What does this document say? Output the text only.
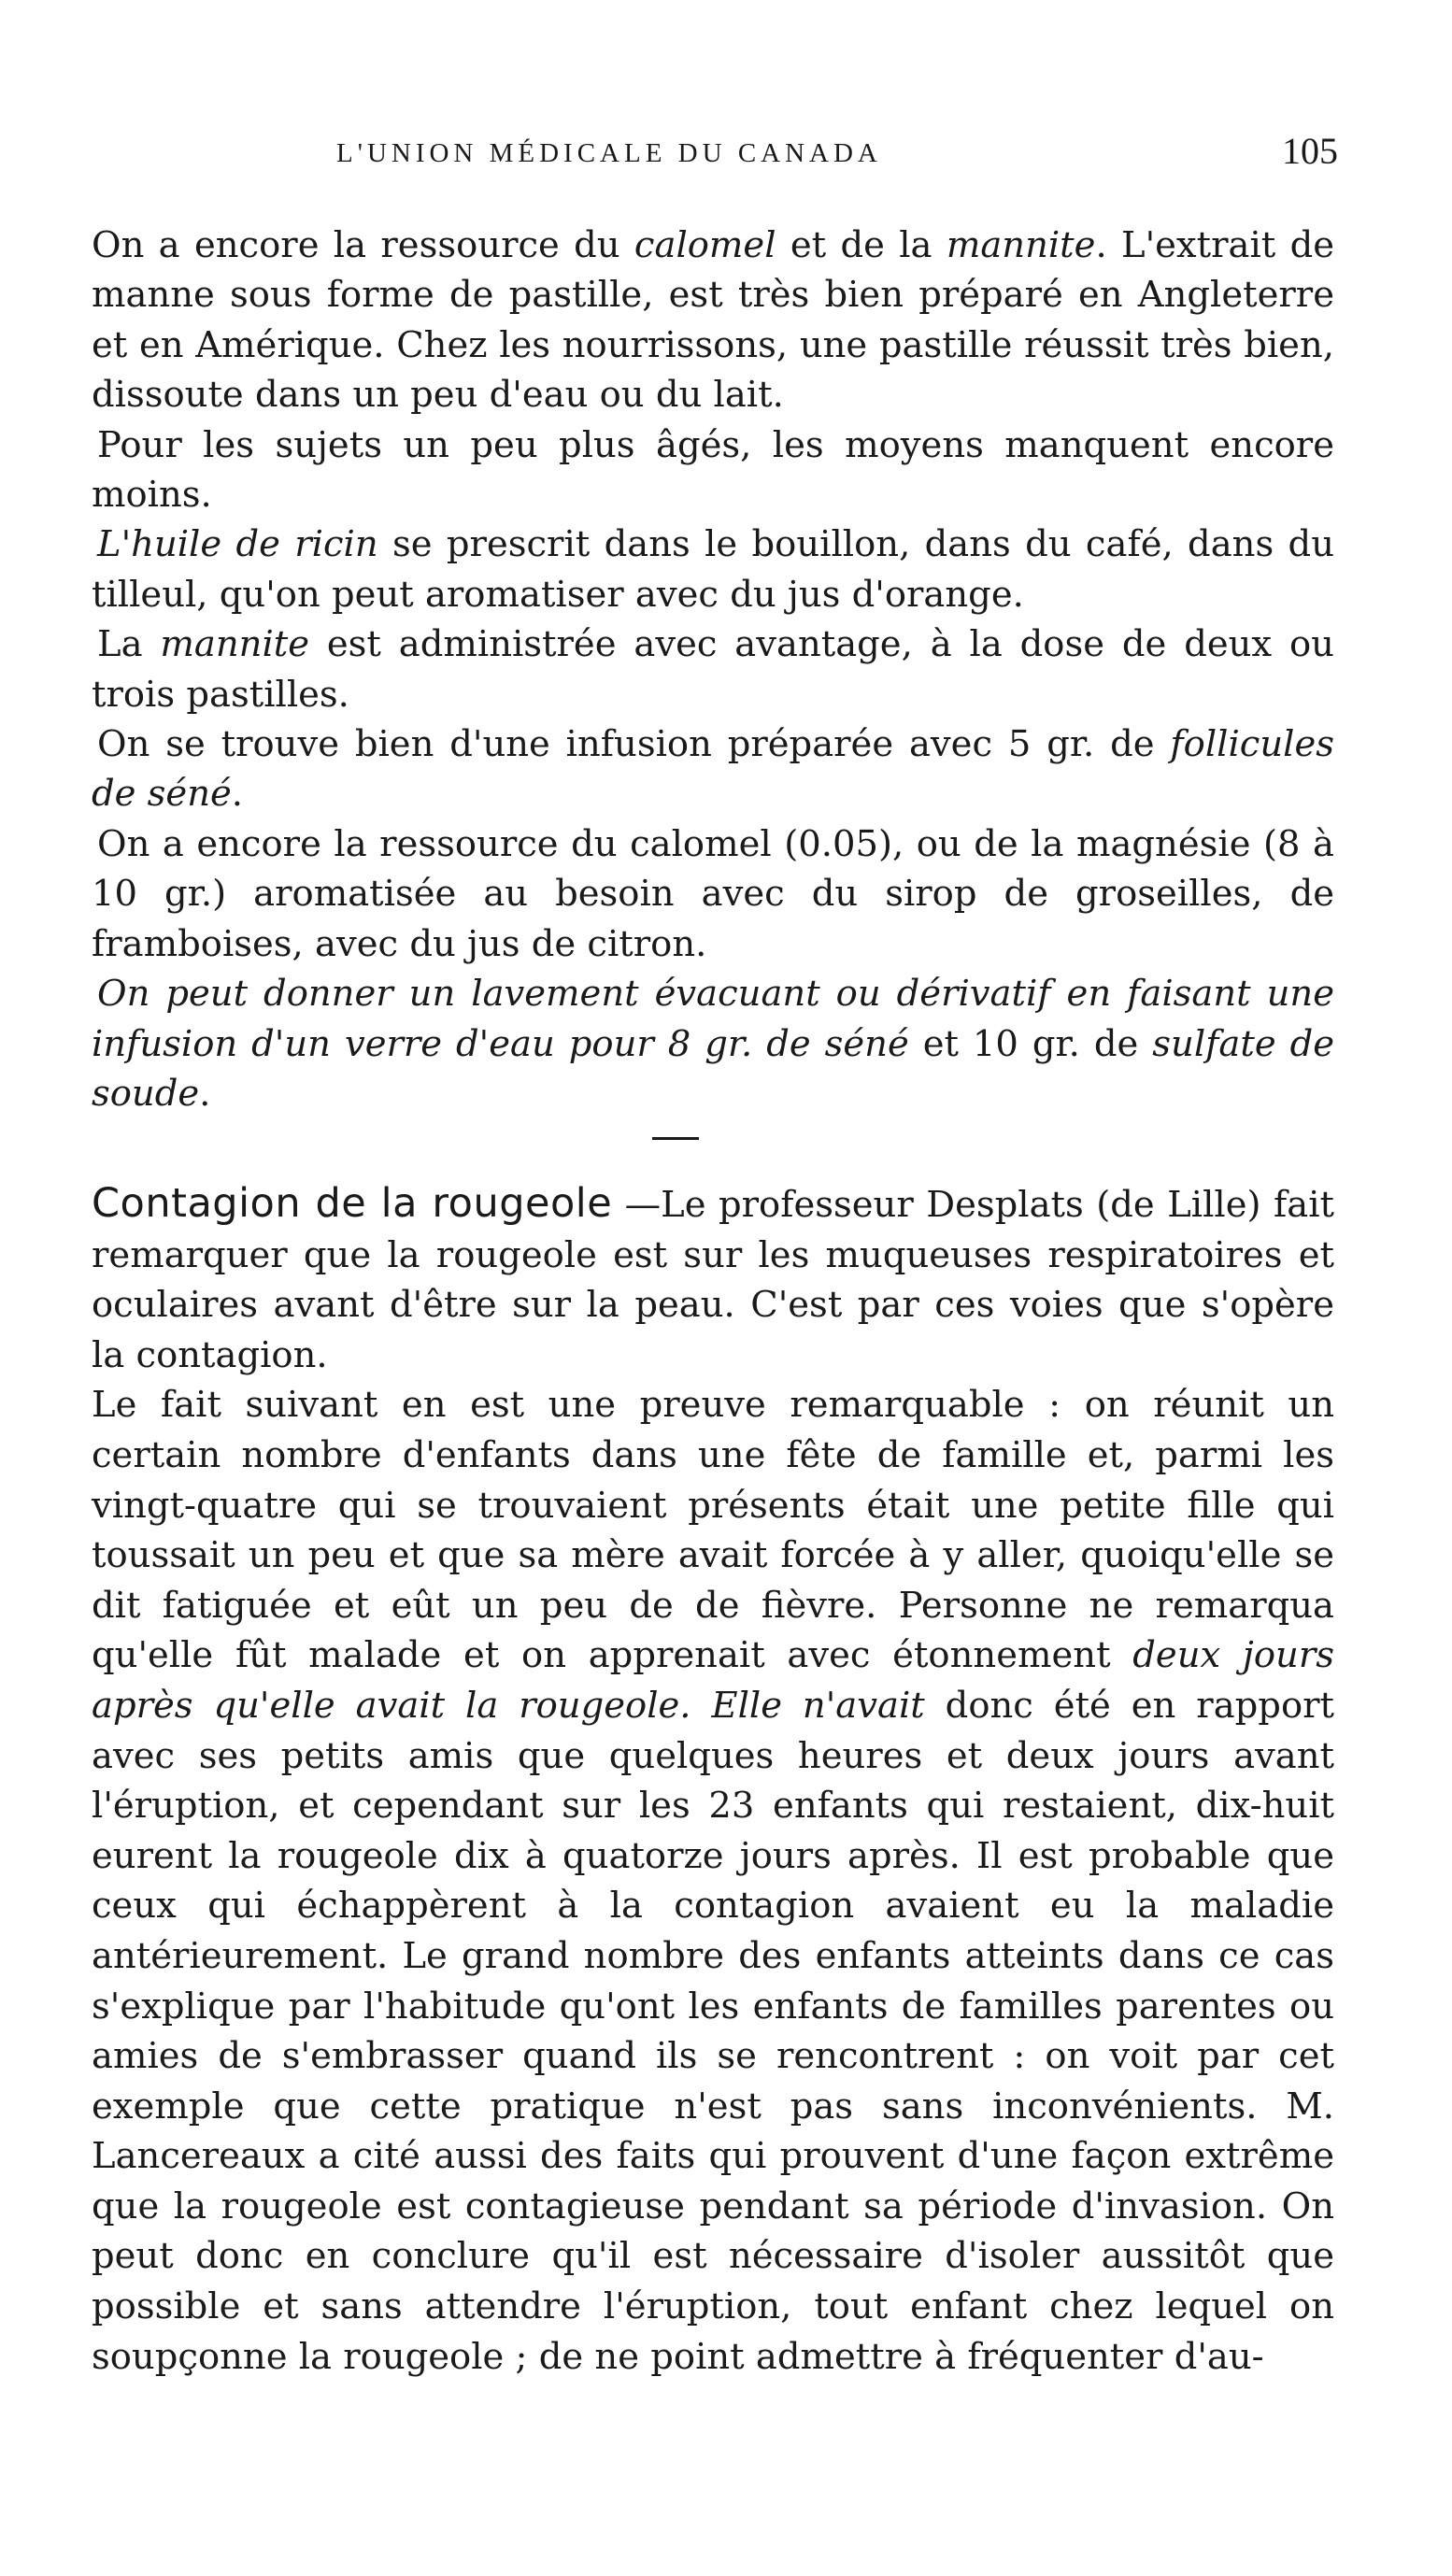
L'UNION MÉDICALE DU CANADA	105

On a encore la ressource du calomel et de la mannite. L'extrait de manne sous forme de pastille, est très bien préparé en Angleterre et en Amérique. Chez les nourrissons, une pastille réussit très bien, dissoute dans un peu d'eau ou du lait.

Pour les sujets un peu plus âgés, les moyens manquent encore moins.

L'huile de ricin se prescrit dans le bouillon, dans du café, dans du tilleul, qu'on peut aromatiser avec du jus d'orange.

La mannite est administrée avec avantage, à la dose de deux ou trois pastilles.

On se trouve bien d'une infusion préparée avec 5 gr. de follicules de séné.

On a encore la ressource du calomel (0.05), ou de la magnésie (8 à 10 gr.) aromatisée au besoin avec du sirop de groseilles, de framboises, avec du jus de citron.

On peut donner un lavement évacuant ou dérivatif en faisant une infusion d'un verre d'eau pour 8 gr. de séné et 10 gr. de sulfate de soude.

Contagion de la rougeole —Le professeur Desplats (de Lille) fait remarquer que la rougeole est sur les muqueuses respiratoires et oculaires avant d'être sur la peau. C'est par ces voies que s'opère la contagion.

Le fait suivant en est une preuve remarquable : on réunit un certain nombre d'enfants dans une fête de famille et, parmi les vingt-quatre qui se trouvaient présents était une petite fille qui toussait un peu et que sa mère avait forcée à y aller, quoiqu'elle se dit fatiguée et eût un peu de de fièvre. Personne ne remarqua qu'elle fût malade et on apprenait avec étonnement deux jours après qu'elle avait la rougeole. Elle n'avait donc été en rapport avec ses petits amis que quelques heures et deux jours avant l'éruption, et cependant sur les 23 enfants qui restaient, dix-huit eurent la rougeole dix à quatorze jours après. Il est probable que ceux qui échappèrent à la contagion avaient eu la maladie antérieurement. Le grand nombre des enfants atteints dans ce cas s'explique par l'habitude qu'ont les enfants de familles parentes ou amies de s'embrasser quand ils se rencontrent : on voit par cet exemple que cette pratique n'est pas sans inconvénients. M. Lancereaux a cité aussi des faits qui prouvent d'une façon extrême que la rougeole est contagieuse pendant sa période d'invasion. On peut donc en conclure qu'il est nécessaire d'isoler aussitôt que possible et sans attendre l'éruption, tout enfant chez lequel on soupçonne la rougeole ; de ne point admettre à fréquenter d'au-
